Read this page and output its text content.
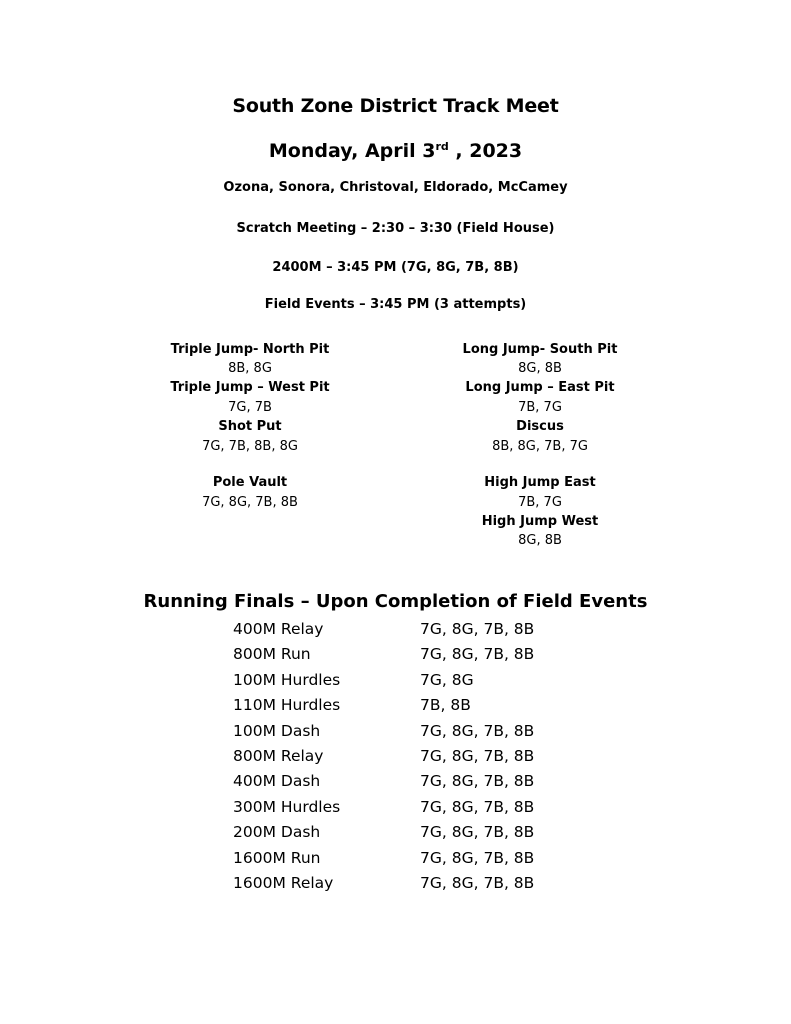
South Zone District Track Meet
Monday, April 3rd , 2023
Ozona, Sonora, Christoval, Eldorado, McCamey
Scratch Meeting – 2:30 – 3:30 (Field House)
2400M – 3:45 PM (7G, 8G, 7B, 8B)
Field Events – 3:45 PM (3 attempts)
Triple Jump- North Pit
8B, 8G
Triple Jump – West Pit
7G, 7B
Shot Put
7G, 7B, 8B, 8G
Pole Vault
7G, 8G, 7B, 8B
Long Jump- South Pit
8G, 8B
Long Jump – East Pit
7B, 7G
Discus
8B, 8G, 7B, 7G
High Jump East
7B, 7G
High Jump West
8G, 8B
Running Finals – Upon Completion of Field Events
400M Relay	7G, 8G, 7B, 8B
800M Run	7G, 8G, 7B, 8B
100M Hurdles	7G, 8G
110M Hurdles	7B, 8B
100M Dash	7G, 8G, 7B, 8B
800M Relay	7G, 8G, 7B, 8B
400M Dash	7G, 8G, 7B, 8B
300M Hurdles	7G, 8G, 7B, 8B
200M Dash	7G, 8G, 7B, 8B
1600M Run	7G, 8G, 7B, 8B
1600M Relay	7G, 8G, 7B, 8B
